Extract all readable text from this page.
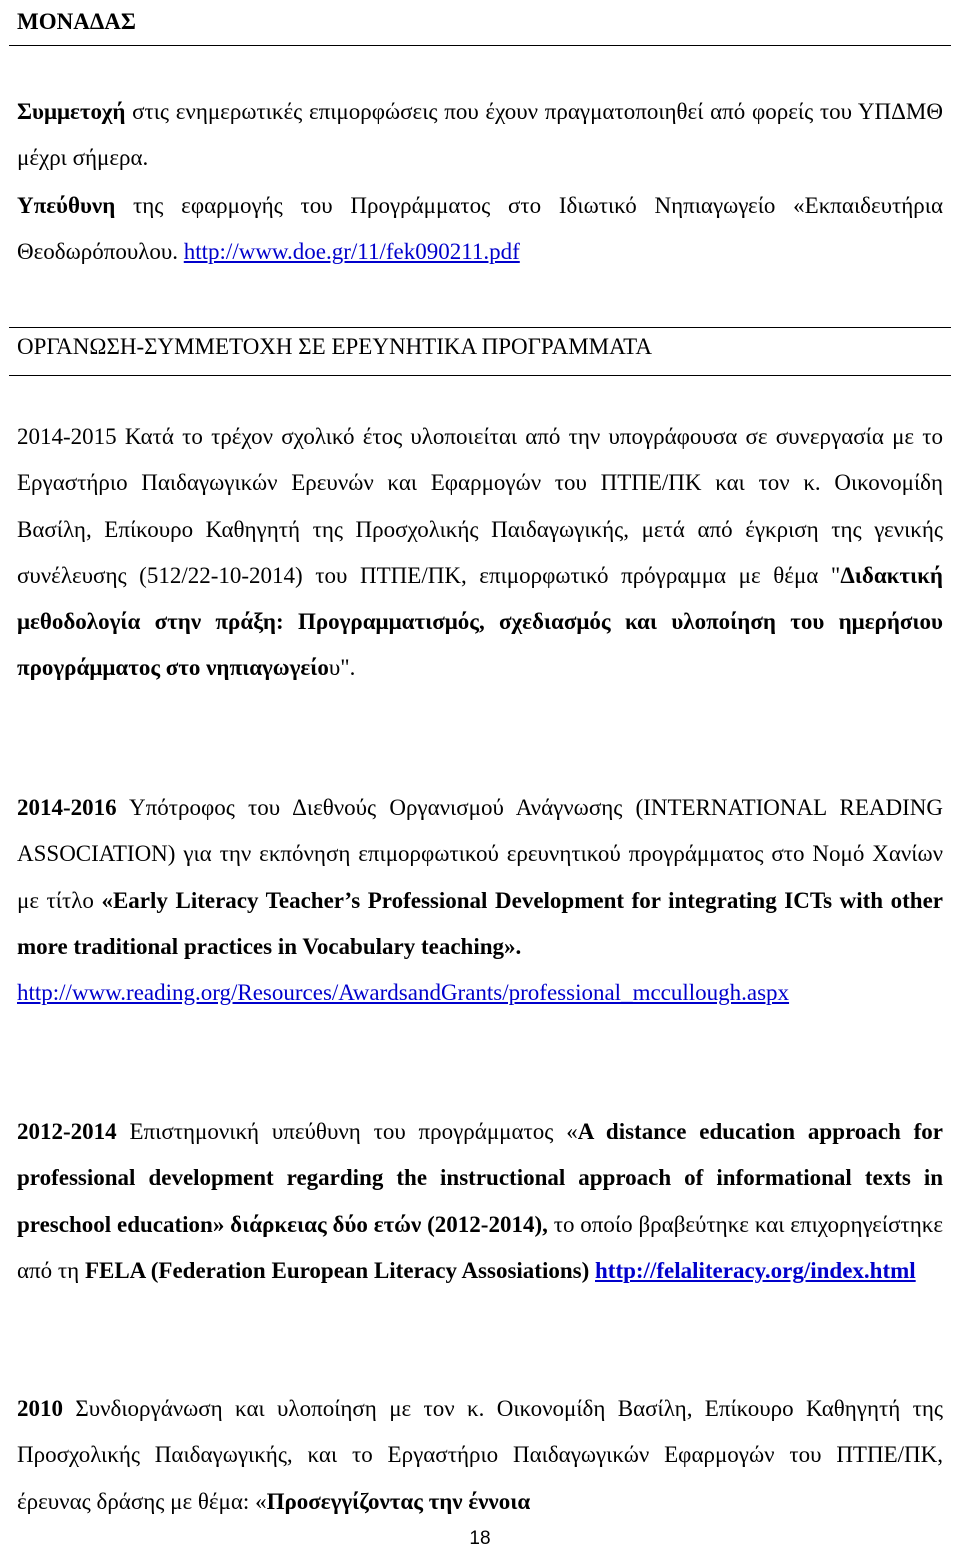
ΜΟΝΑΔΑΣ

Συμμετοχή στις ενημερωτικές επιμορφώσεις που έχουν πραγματοποιηθεί από φορείς του ΥΠΔΜΘ μέχρι σήμερα.

Υπεύθυνη της εφαρμογής του Προγράμματος στο Ιδιωτικό Νηπιαγωγείο «Εκπαιδευτήρια Θεοδωρόπουλου. http://www.doe.gr/11/fek090211.pdf

ΟΡΓΑΝΩΣΗ-ΣΥΜΜΕΤΟΧΗ ΣΕ ΕΡΕΥΝΗΤΙΚΑ ΠΡΟΓΡΑΜΜΑΤΑ

2014-2015 Κατά το τρέχον σχολικό έτος υλοποιείται από την υπογράφουσα σε συνεργασία με το Εργαστήριο Παιδαγωγικών Ερευνών και Εφαρμογών του ΠΤΠΕ/ΠΚ και τον κ. Οικονομίδη Βασίλη, Επίκουρο Καθηγητή της Προσχολικής Παιδαγωγικής, μετά από έγκριση της γενικής συνέλευσης (512/22-10-2014) του ΠΤΠΕ/ΠΚ, επιμορφωτικό πρόγραμμα με θέμα "Διδακτική μεθοδολογία στην πράξη: Προγραμματισμός, σχεδιασμός και υλοποίηση του ημερήσιου προγράμματος στο νηπιαγωγείου".

2014-2016 Υπότροφος του Διεθνούς Οργανισμού Ανάγνωσης (INTERNATIONAL READING ASSOCIATION) για την εκπόνηση επιμορφωτικού ερευνητικού προγράμματος στο Νομό Χανίων με τίτλο «Early Literacy Teacher’s Professional Development for integrating ICTs with other more traditional practices in Vocabulary teaching».
http://www.reading.org/Resources/AwardsandGrants/professional_mccullough.aspx

2012-2014 Επιστημονική υπεύθυνη του προγράμματος «A distance education approach for professional development regarding the instructional approach of informational texts in preschool education» διάρκειας δύο ετών (2012-2014), το οποίο βραβεύτηκε και επιχορηγείστηκε από τη FELA (Federation European Literacy Assosiations) http://felaliteracy.org/index.html

2010 Συνδιοργάνωση και υλοποίηση με τον κ. Οικονομίδη Βασίλη, Επίκουρο Καθηγητή της Προσχολικής Παιδαγωγικής, και το Εργαστήριο Παιδαγωγικών Εφαρμογών του ΠΤΠΕ/ΠΚ, έρευνας δράσης με θέμα: «Προσεγγίζοντας την έννοια

18
